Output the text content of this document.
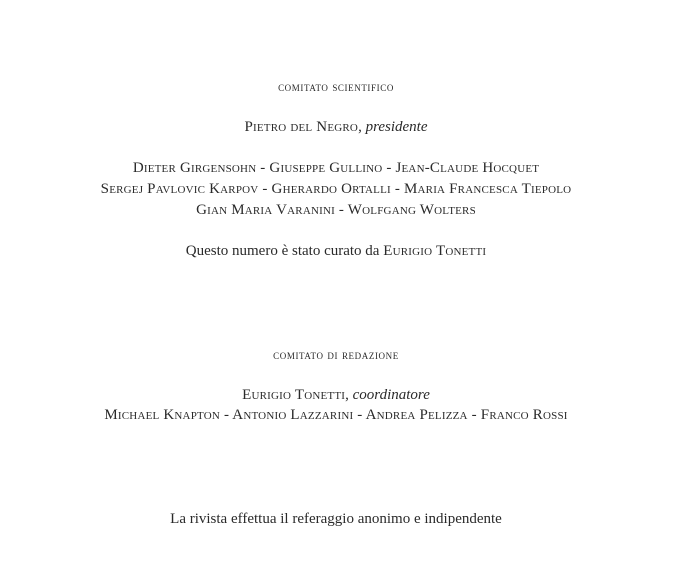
comitato scientifico
Pietro del Negro, presidente
Dieter Girgensohn - Giuseppe Gullino - Jean-Claude Hocquet
Sergej Pavlovic Karpov - Gherardo Ortalli - Maria Francesca Tiepolo
Gian Maria Varanini - Wolfgang Wolters
Questo numero è stato curato da Eurigio Tonetti
comitato di redazione
Eurigio Tonetti, coordinatore
Michael Knapton - Antonio Lazzarini - Andrea Pelizza - Franco Rossi
La rivista effettua il referaggio anonimo e indipendente
